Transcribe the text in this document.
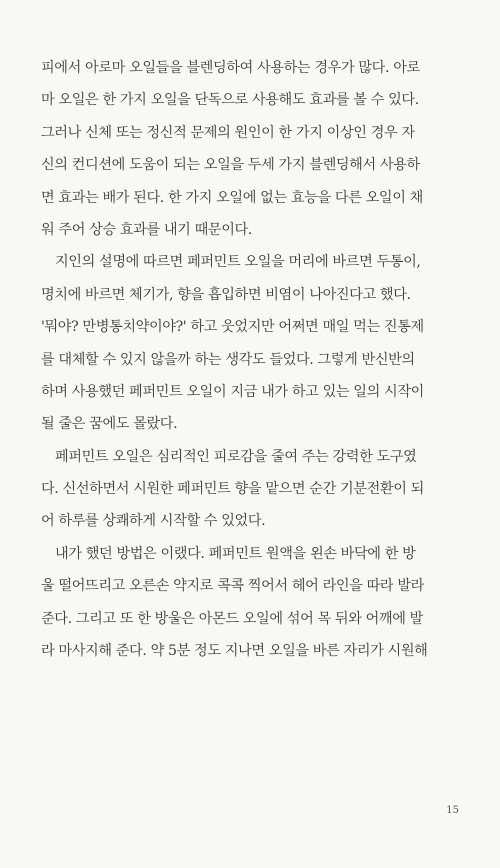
피에서 아로마 오일들을 블렌딩하여 사용하는 경우가 많다. 아로
마 오일은 한 가지 오일을 단독으로 사용해도 효과를 볼 수 있다.
그러나 신체 또는 정신적 문제의 원인이 한 가지 이상인 경우 자
신의 컨디션에 도움이 되는 오일을 두세 가지 블렌딩해서 사용하
면 효과는 배가 된다. 한 가지 오일에 없는 효능을 다른 오일이 채
워 주어 상승 효과를 내기 때문이다.
지인의 설명에 따르면 페퍼민트 오일을 머리에 바르면 두통이,
명치에 바르면 체기가, 향을 흡입하면 비염이 나아진다고 했다.
'뭐야? 만병통치약이야?' 하고 웃었지만 어쩌면 매일 먹는 진통제
를 대체할 수 있지 않을까 하는 생각도 들었다. 그렇게 반신반의
하며 사용했던 페퍼민트 오일이 지금 내가 하고 있는 일의 시작이
될 줄은 꿈에도 몰랐다.
페퍼민트 오일은 심리적인 피로감을 줄여 주는 강력한 도구였
다. 신선하면서 시원한 페퍼민트 향을 맡으면 순간 기분전환이 되
어 하루를 상쾌하게 시작할 수 있었다.
내가 했던 방법은 이랬다. 페퍼민트 원액을 왼손 바닥에 한 방
울 떨어뜨리고 오른손 약지로 콕콕 찍어서 헤어 라인을 따라 발라
준다. 그리고 또 한 방울은 아몬드 오일에 섞어 목 뒤와 어깨에 발
라 마사지해 준다. 약 5분 정도 지나면 오일을 바른 자리가 시원해
15
